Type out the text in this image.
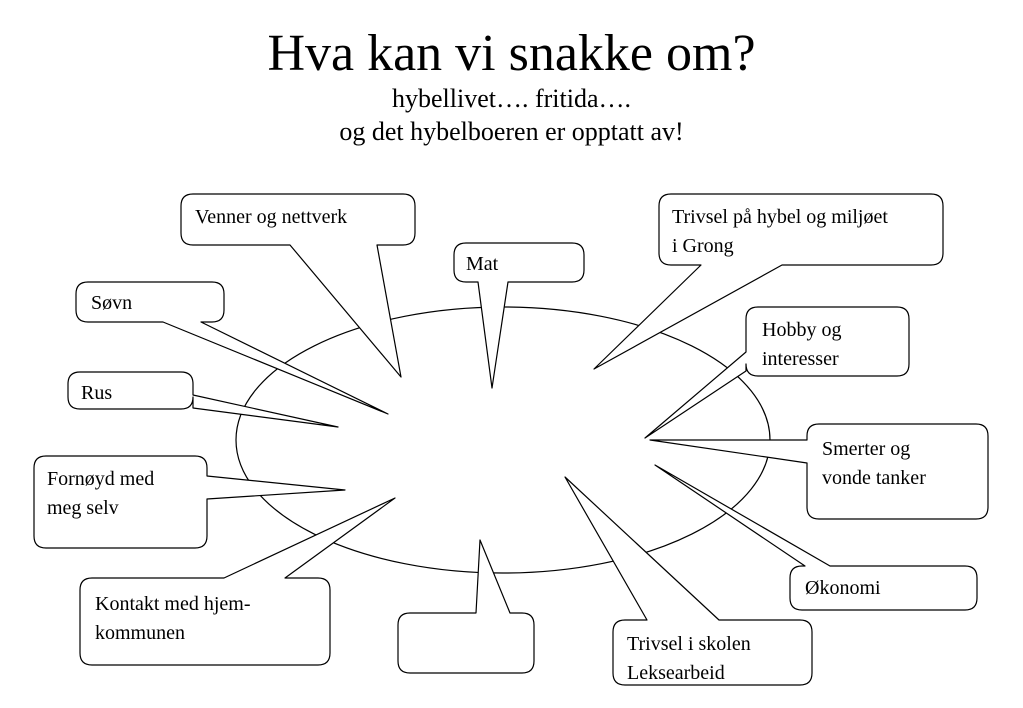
Hva kan vi snakke om?
hybellivet…. fritida….
og det hybelboeren er opptatt av!
Venner og nettverk
Mat
Trivsel på hybel og miljøet
i Grong
Søvn
Hobby og
interesser
Rus
Smerter og
vonde tanker
Fornøyd med
meg selv
Økonomi
Kontakt med hjem-
kommunen	Trivsel i skolen
Leksearbeid
